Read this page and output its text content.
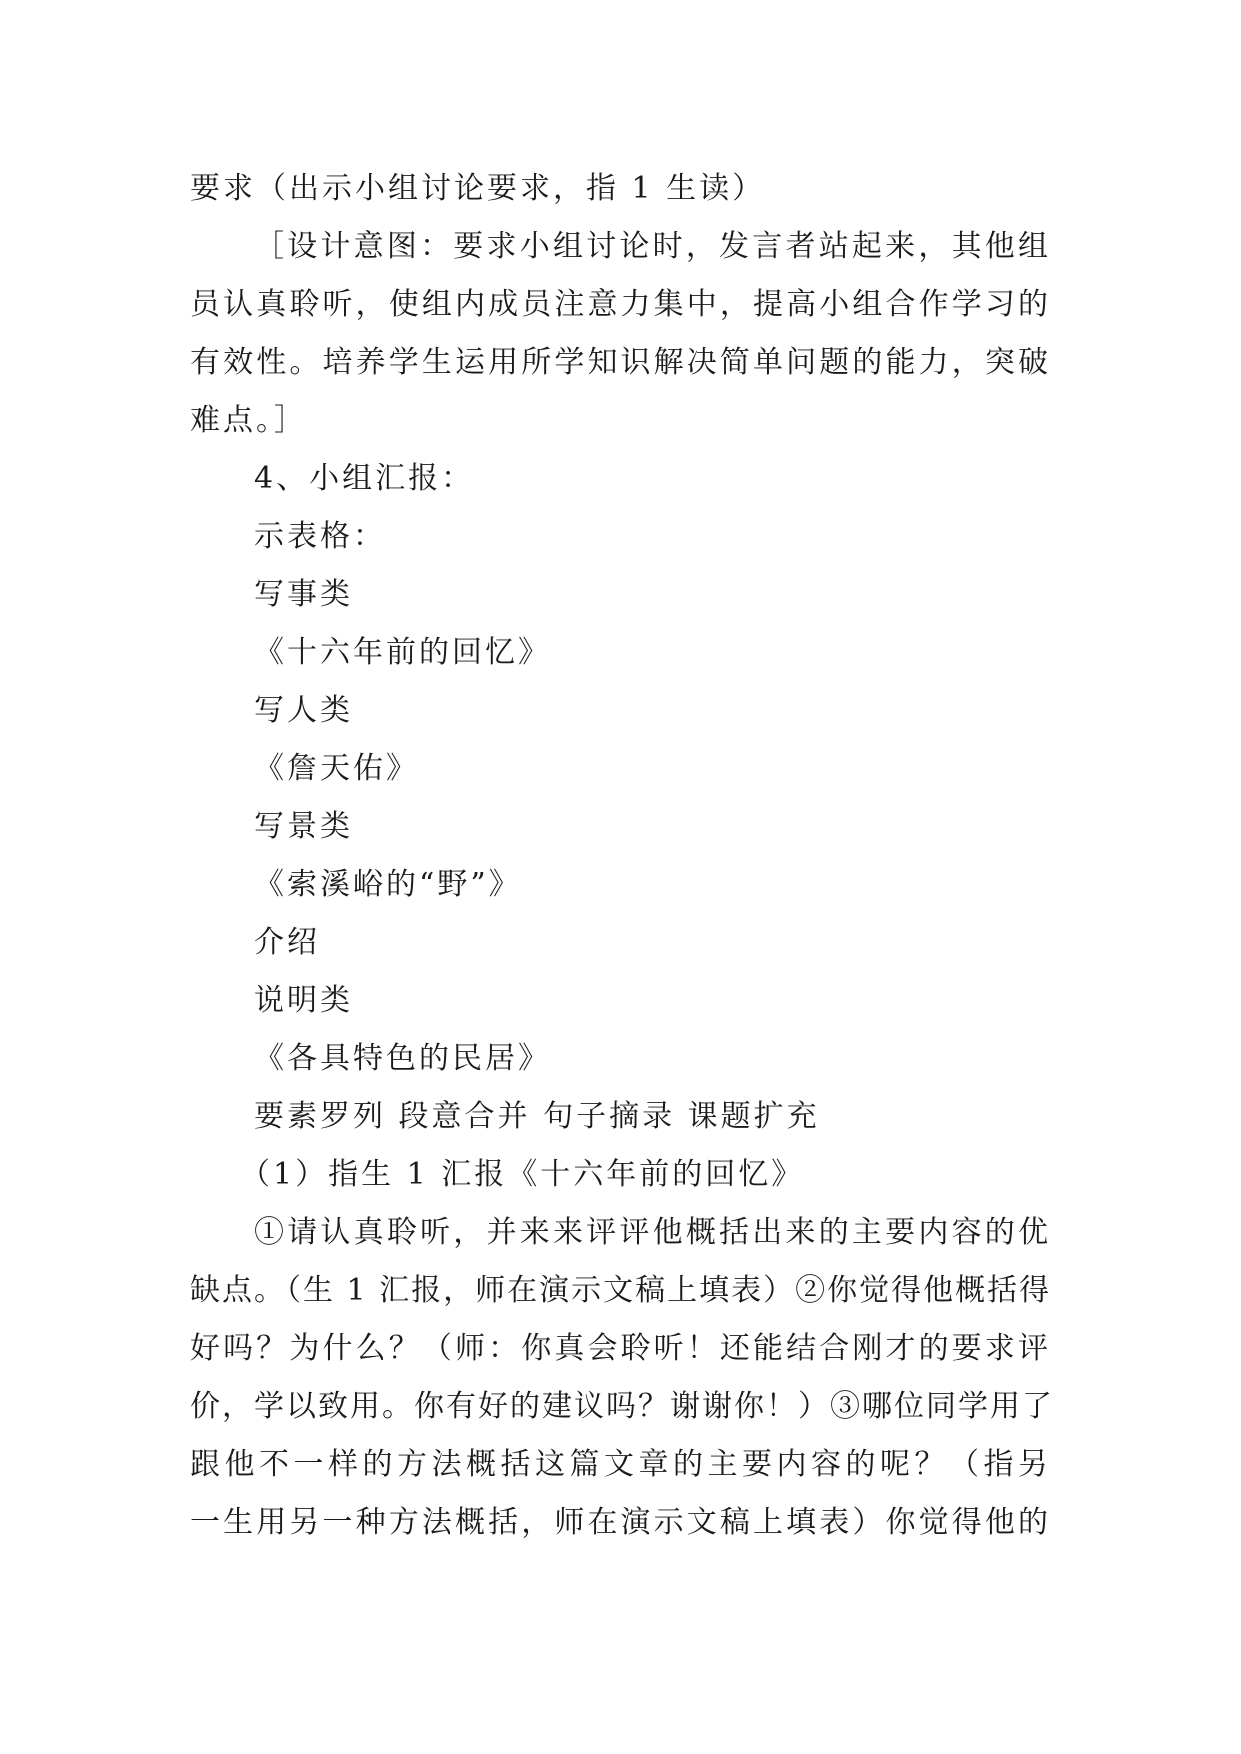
要求（出示小组讨论要求，指 1 生读）
［设计意图：要求小组讨论时，发言者站起来，其他组
员认真聆听，使组内成员注意力集中，提高小组合作学习的
有效性。培养学生运用所学知识解决简单问题的能力，突破
难点。］
4、小组汇报：
示表格：
写事类
《十六年前的回忆》
写人类
《詹天佑》
写景类
《索溪峪的“野”》
介绍
说明类
《各具特色的民居》
要素罗列 段意合并 句子摘录 课题扩充
（1）指生 1 汇报《十六年前的回忆》
①请认真聆听，并来来评评他概括出来的主要内容的优
缺点。（生 1 汇报，师在演示文稿上填表）②你觉得他概括得
好吗？为什么？（师：你真会聆听！还能结合刚才的要求评
价，学以致用。你有好的建议吗？谢谢你！）③哪位同学用了
跟他不一样的方法概括这篇文章的主要内容的呢？（指另
一生用另一种方法概括，师在演示文稿上填表）你觉得他的
